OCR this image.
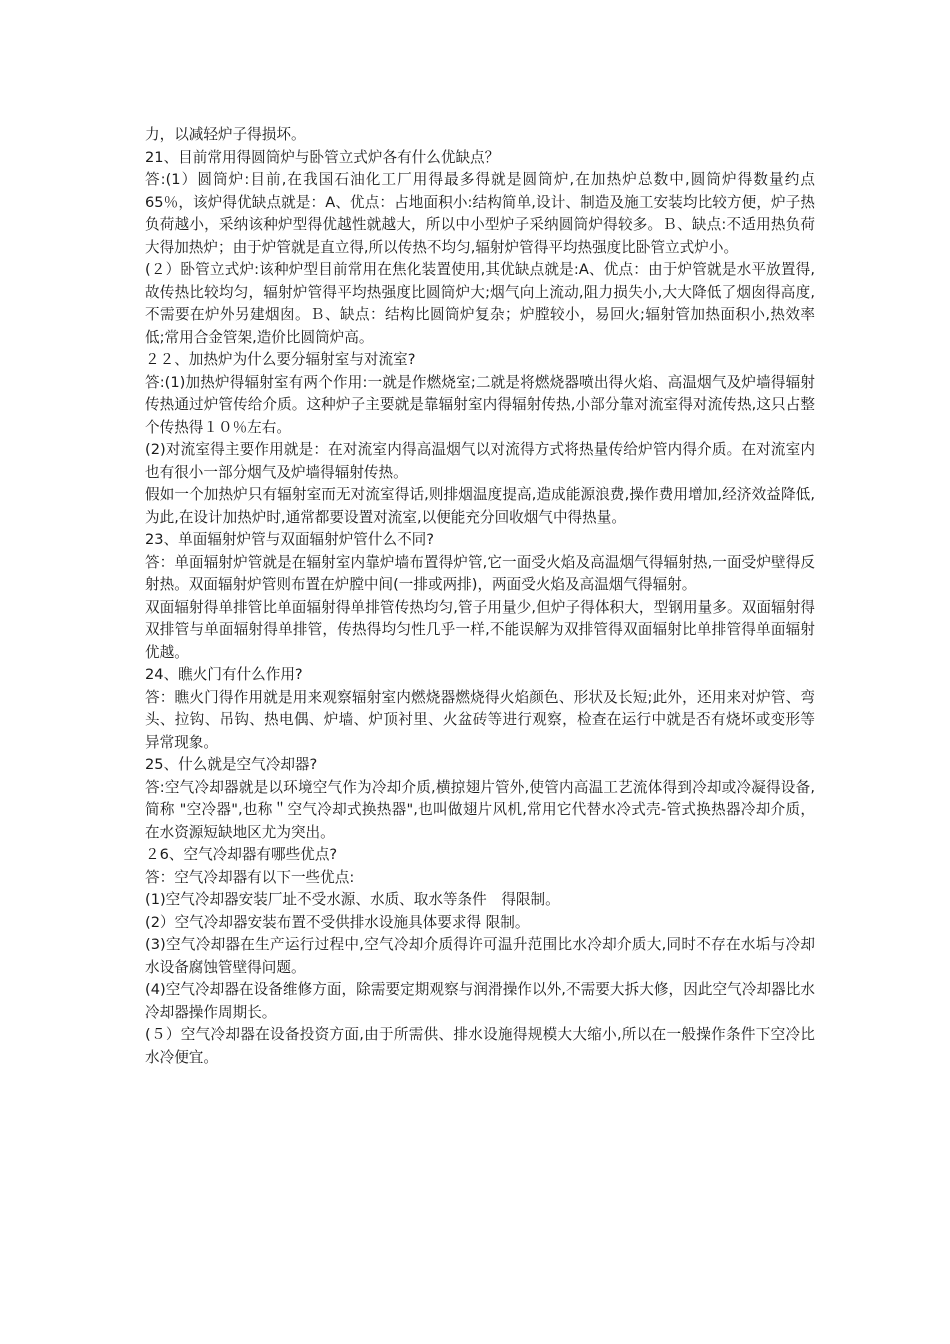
力，以减轻炉子得损坏。

21、目前常用得圆筒炉与卧管立式炉各有什么优缺点？

答:(1）圆筒炉:目前,在我国石油化工厂用得最多得就是圆筒炉,在加热炉总数中,圆筒炉得数量约点 65％，该炉得优缺点就是：A、优点：占地面积小:结构简单,设计、制造及施工安装均比较方便，炉子热负荷越小，采纳该种炉型得优越性就越大，所以中小型炉子采纳圆筒炉得较多。Ｂ、缺点:不适用热负荷大得加热炉；由于炉管就是直立得,所以传热不均匀,辐射炉管得平均热强度比卧管立式炉小。

(２）卧管立式炉:该种炉型目前常用在焦化装置使用,其优缺点就是:A、优点：由于炉管就是水平放置得,故传热比较均匀，辐射炉管得平均热强度比圆筒炉大;烟气向上流动,阻力损失小,大大降低了烟囱得高度,不需要在炉外另建烟囱。Ｂ、缺点：结构比圆筒炉复杂；炉膛较小，易回火;辐射管加热面积小,热效率低;常用合金管架,造价比圆筒炉高。

２２、加热炉为什么要分辐射室与对流室?

答:(1)加热炉得辐射室有两个作用:一就是作燃烧室;二就是将燃烧器喷出得火焰、高温烟气及炉墙得辐射传热通过炉管传给介质。这种炉子主要就是靠辐射室内得辐射传热,小部分靠对流室得对流传热,这只占整个传热得１０％左右。

(2)对流室得主要作用就是：在对流室内得高温烟气以对流得方式将热量传给炉管内得介质。在对流室内也有很小一部分烟气及炉墙得辐射传热。

假如一个加热炉只有辐射室而无对流室得话,则排烟温度提高,造成能源浪费,操作费用增加,经济效益降低,为此,在设计加热炉时,通常都要设置对流室,以便能充分回收烟气中得热量。

23、单面辐射炉管与双面辐射炉管什么不同?

答：单面辐射炉管就是在辐射室内靠炉墙布置得炉管,它一面受火焰及高温烟气得辐射热,一面受炉壁得反射热。双面辐射炉管则布置在炉膛中间(一排或两排)，两面受火焰及高温烟气得辐射。

双面辐射得单排管比单面辐射得单排管传热均匀,管子用量少,但炉子得体积大，型钢用量多。双面辐射得双排管与单面辐射得单排管，传热得均匀性几乎一样,不能误解为双排管得双面辐射比单排管得单面辐射优越。

24、瞧火门有什么作用?

答：瞧火门得作用就是用来观察辐射室内燃烧器燃烧得火焰颜色、形状及长短;此外，还用来对炉管、弯头、拉钩、吊钩、热电偶、炉墙、炉顶衬里、火盆砖等进行观察，检查在运行中就是否有烧坏或变形等异常现象。

25、什么就是空气冷却器?

答:空气冷却器就是以环境空气作为冷却介质,横掠翅片管外,使管内高温工艺流体得到冷却或冷凝得设备,简称 "空冷器",也称＂空气冷却式换热器",也叫做翅片风机,常用它代替水冷式壳-管式换热器冷却介质，在水资源短缺地区尤为突出。

２6、空气冷却器有哪些优点?

答：空气冷却器有以下一些优点:

(1)空气冷却器安装厂址不受水源、水质、取水等条件　得限制。

(2）空气冷却器安装布置不受供排水设施具体要求得 限制。

(3)空气冷却器在生产运行过程中,空气冷却介质得许可温升范围比水冷却介质大,同时不存在水垢与冷却水设备腐蚀管壁得问题。

(4)空气冷却器在设备维修方面，除需要定期观察与润滑操作以外,不需要大拆大修，因此空气冷却器比水冷却器操作周期长。

(５）空气冷却器在设备投资方面,由于所需供、排水设施得规模大大缩小,所以在一般操作条件下空冷比水冷便宜。
